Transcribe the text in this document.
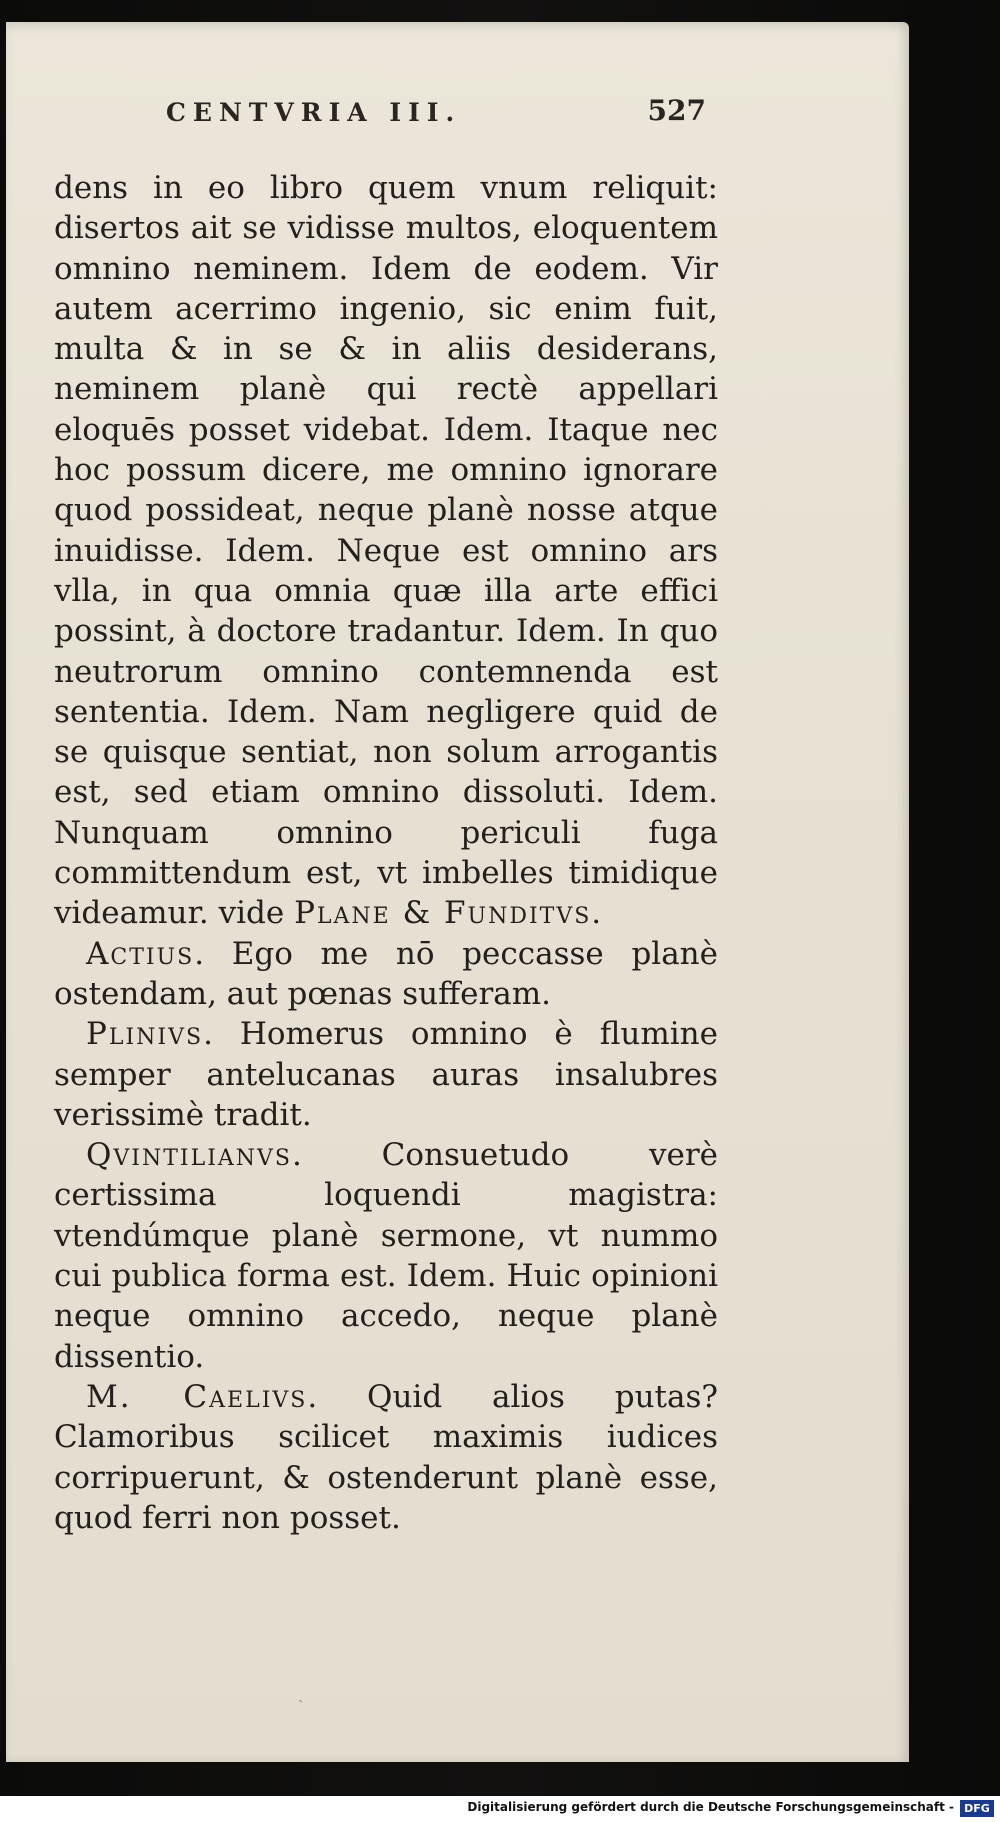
CENTVRIA III.	527

dens in eo libro quem vnum reliquit: disertos ait se vidisse multos, eloquentem omnino neminem. Idem de eodem. Vir autem acerrimo ingenio, sic enim fuit, multa & in se & in aliis desiderans, neminem planè qui rectè appellari eloquēs posset videbat. Idem. Itaque nec hoc possum dicere, me omnino ignorare quod possideat, neque planè nosse atque inuidisse. Idem. Neque est omnino ars vlla, in qua omnia quæ illa arte effici possint, à doctore tradantur. Idem. In quo neutrorum omnino contemnenda est sententia. Idem. Nam negligere quid de se quisque sentiat, non solum arrogantis est, sed etiam omnino dissoluti. Idem. Nunquam omnino periculi fuga committendum est, vt imbelles timidique videamur. vide Plane & Funditvs.

Actius. Ego me nō peccasse planè ostendam, aut pœnas sufferam.

Plinivs. Homerus omnino è flumine semper antelucanas auras insalubres verissimè tradit.

Qvintilianvs. Consuetudo verè certissima loquendi magistra: vtendúmque planè sermone, vt nummo cui publica forma est. Idem. Huic opinioni neque omnino accedo, neque planè dissentio.

M. Caelivs. Quid alios putas? Clamoribus scilicet maximis iudices corripuerunt, & ostenderunt planè esse, quod ferri non posset.

ˎ
Digitalisierung gefördert durch die Deutsche Forschungsgemeinschaft - DFG
